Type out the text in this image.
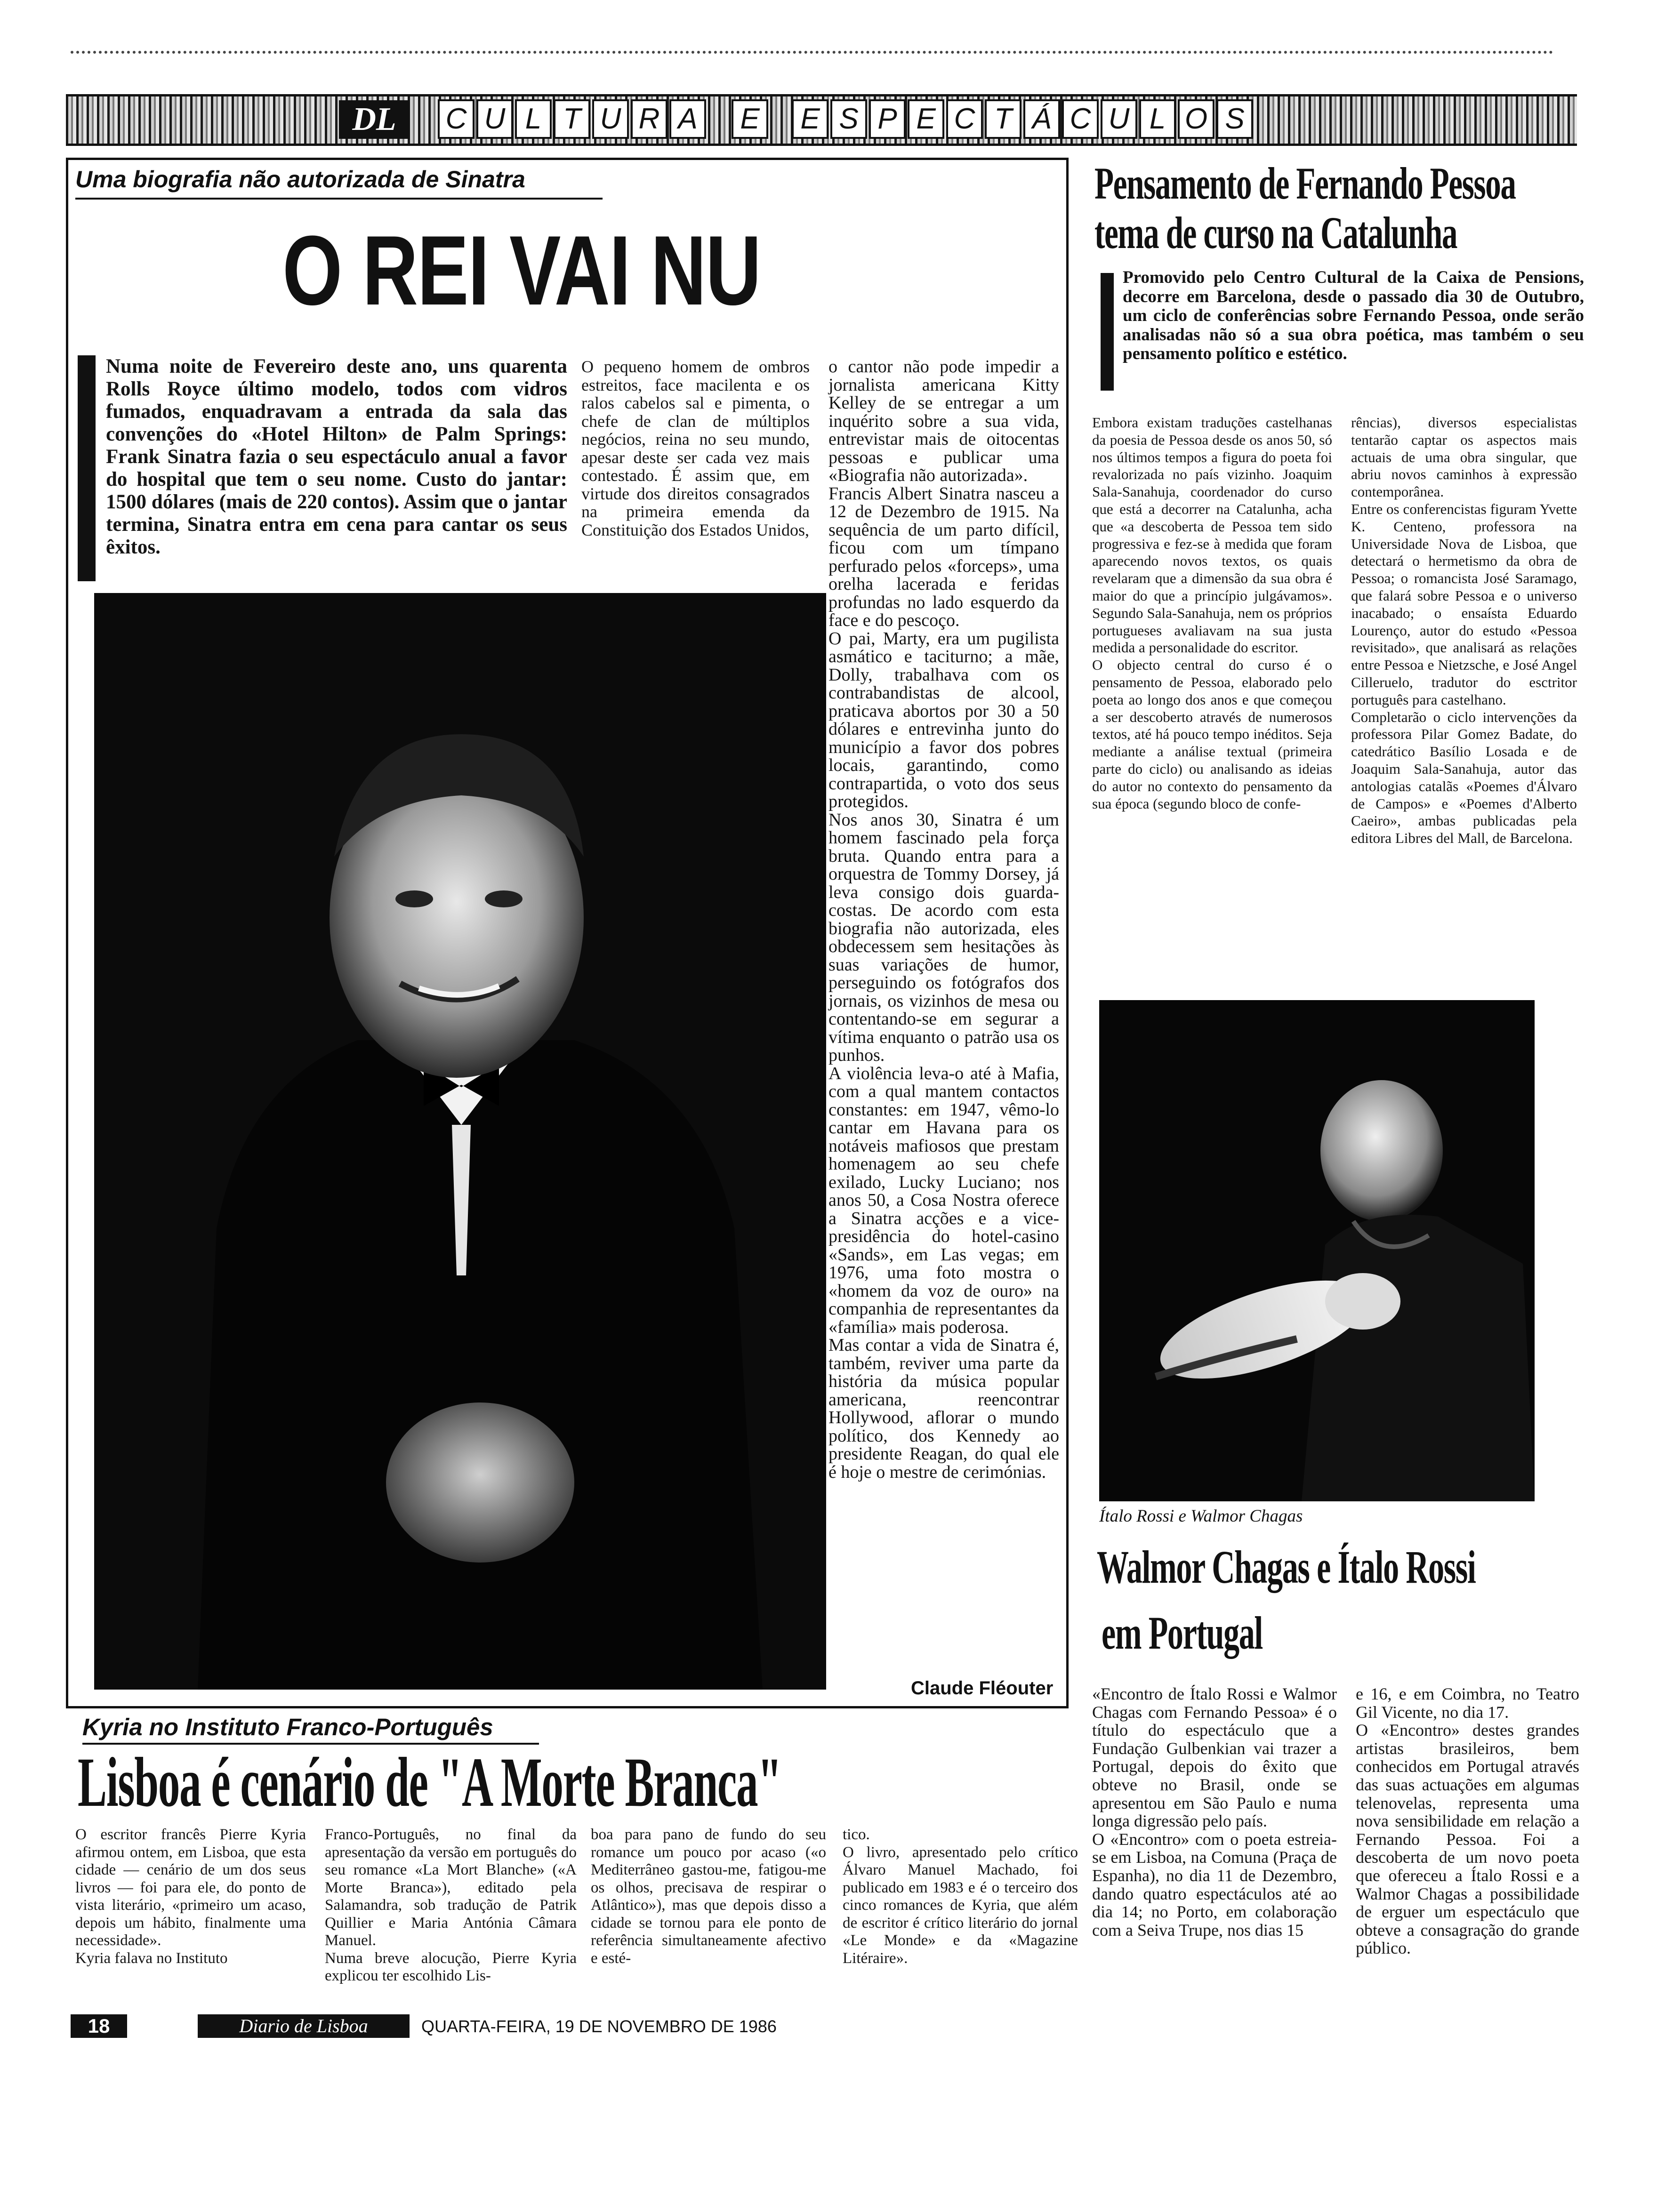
DL	C U L T U R A E E S P E C T Á C U L O S
Uma biografia não autorizada de Sinatra
O REI VAI NU
Numa noite de Fevereiro deste ano, uns quarenta Rolls Royce último modelo, todos com vidros fumados, enquadravam a entrada da sala das convenções do «Hotel Hilton» de Palm Springs: Frank Sinatra fazia o seu espectáculo anual a favor do hospital que tem o seu nome. Custo do jantar: 1500 dólares (mais de 220 contos). Assim que o jantar termina, Sinatra entra em cena para cantar os seus êxitos.
O pequeno homem de ombros estreitos, face macilenta e os ralos cabelos sal e pimenta, o chefe de clan de múltiplos negócios, reina no seu mundo, apesar deste ser cada vez mais contestado. É assim que, em virtude dos direitos consagrados na primeira emenda da Constituição dos Estados Unidos,
o cantor não pode impedir a jornalista americana Kitty Kelley de se entregar a um inquérito sobre a sua vida, entrevistar mais de oitocentas pessoas e publicar uma «Biografia não autorizada».
Francis Albert Sinatra nasceu a 12 de Dezembro de 1915. Na sequência de um parto difícil, ficou com um tímpano perfurado pelos «forceps», uma orelha lacerada e feridas profundas no lado esquerdo da face e do pescoço.
O pai, Marty, era um pugilista asmático e taciturno; a mãe, Dolly, trabalhava com os contrabandistas de alcool, praticava abortos por 30 a 50 dólares e entrevinha junto do município a favor dos pobres locais, garantindo, como contrapartida, o voto dos seus protegidos.
Nos anos 30, Sinatra é um homem fascinado pela força bruta. Quando entra para a orquestra de Tommy Dorsey, já leva consigo dois guarda-costas. De acordo com esta biografia não autorizada, eles obdecessem sem hesitações às suas variações de humor, perseguindo os fotógrafos dos jornais, os vizinhos de mesa ou contentando-se em segurar a vítima enquanto o patrão usa os punhos.
A violência leva-o até à Mafia, com a qual mantem contactos constantes: em 1947, vêmo-lo cantar em Havana para os notáveis mafiosos que prestam homenagem ao seu chefe exilado, Lucky Luciano; nos anos 50, a Cosa Nostra oferece a Sinatra acções e a vice-presidência do hotel-casino «Sands», em Las vegas; em 1976, uma foto mostra o «homem da voz de ouro» na companhia de representantes da «família» mais poderosa.
Mas contar a vida de Sinatra é, também, reviver uma parte da história da música popular americana, reencontrar Hollywood, aflorar o mundo político, dos Kennedy ao presidente Reagan, do qual ele é hoje o mestre de cerimónias.
Claude Fléouter
Pensamento de Fernando Pessoa
tema de curso na Catalunha
Promovido pelo Centro Cultural de la Caixa de Pensions, decorre em Barcelona, desde o passado dia 30 de Outubro, um ciclo de conferências sobre Fernando Pessoa, onde serão analisadas não só a sua obra poética, mas também o seu pensamento político e estético.
Embora existam traduções castelhanas da poesia de Pessoa desde os anos 50, só nos últimos tempos a figura do poeta foi revalorizada no país vizinho. Joaquim Sala-Sanahuja, coordenador do curso que está a decorrer na Catalunha, acha que «a descoberta de Pessoa tem sido progressiva e fez-se à medida que foram aparecendo novos textos, os quais revelaram que a dimensão da sua obra é maior do que a princípio julgávamos». Segundo Sala-Sanahuja, nem os próprios portugueses avaliavam na sua justa medida a personalidade do escritor.
O objecto central do curso é o pensamento de Pessoa, elaborado pelo poeta ao longo dos anos e que começou a ser descoberto através de numerosos textos, até há pouco tempo inéditos. Seja mediante a análise textual (primeira parte do ciclo) ou analisando as ideias do autor no contexto do pensamento da sua época (segundo bloco de confe-
rências), diversos especialistas tentarão captar os aspectos mais actuais de uma obra singular, que abriu novos caminhos à expressão contemporânea.
Entre os conferencistas figuram Yvette K. Centeno, professora na Universidade Nova de Lisboa, que detectará o hermetismo da obra de Pessoa; o romancista José Saramago, que falará sobre Pessoa e o universo inacabado; o ensaísta Eduardo Lourenço, autor do estudo «Pessoa revisitado», que analisará as relações entre Pessoa e Nietzsche, e José Angel Cilleruelo, tradutor do esctritor português para castelhano.
Completarão o ciclo intervenções da professora Pilar Gomez Badate, do catedrático Basílio Losada e de Joaquim Sala-Sanahuja, autor das antologias catalãs «Poemes d'Álvaro de Campos» e «Poemes d'Alberto Caeiro», ambas publicadas pela editora Libres del Mall, de Barcelona.
Ítalo Rossi e Walmor Chagas
Walmor Chagas e Ítalo Rossi
em Portugal
«Encontro de Ítalo Rossi e Walmor Chagas com Fernando Pessoa» é o título do espectáculo que a Fundação Gulbenkian vai trazer a Portugal, depois do êxito que obteve no Brasil, onde se apresentou em São Paulo e numa longa digressão pelo país.
O «Encontro» com o poeta estreia-se em Lisboa, na Comuna (Praça de Espanha), no dia 11 de Dezembro, dando quatro espectáculos até ao dia 14; no Porto, em colaboração com a Seiva Trupe, nos dias 15
e 16, e em Coimbra, no Teatro Gil Vicente, no dia 17.
O «Encontro» destes grandes artistas brasileiros, bem conhecidos em Portugal através das suas actuações em algumas telenovelas, representa uma nova sensibilidade em relação a Fernando Pessoa. Foi a descoberta de um novo poeta que ofereceu a Ítalo Rossi e a Walmor Chagas a possibilidade de erguer um espectáculo que obteve a consagração do grande público.
Kyria no Instituto Franco-Português
Lisboa é cenário de "A Morte Branca"
O escritor francês Pierre Kyria afirmou ontem, em Lisboa, que esta cidade — cenário de um dos seus livros — foi para ele, do ponto de vista literário, «primeiro um acaso, depois um hábito, finalmente uma necessidade».
Kyria falava no Instituto
Franco-Português, no final da apresentação da versão em português do seu romance «La Mort Blanche» («A Morte Branca»), editado pela Salamandra, sob tradução de Patrik Quillier e Maria Antónia Câmara Manuel.
Numa breve alocução, Pierre Kyria explicou ter escolhido Lis-
boa para pano de fundo do seu romance um pouco por acaso («o Mediterrâneo gastou-me, fatigou-me os olhos, precisava de respirar o Atlântico»), mas que depois disso a cidade se tornou para ele ponto de referência simultaneamente afectivo e esté-
tico.
O livro, apresentado pelo crítico Álvaro Manuel Machado, foi publicado em 1983 e é o terceiro dos cinco romances de Kyria, que além de escritor é crítico literário do jornal «Le Monde» e da «Magazine Litéraire».
18	Diario de Lisboa	QUARTA-FEIRA, 19 DE NOVEMBRO DE 1986
